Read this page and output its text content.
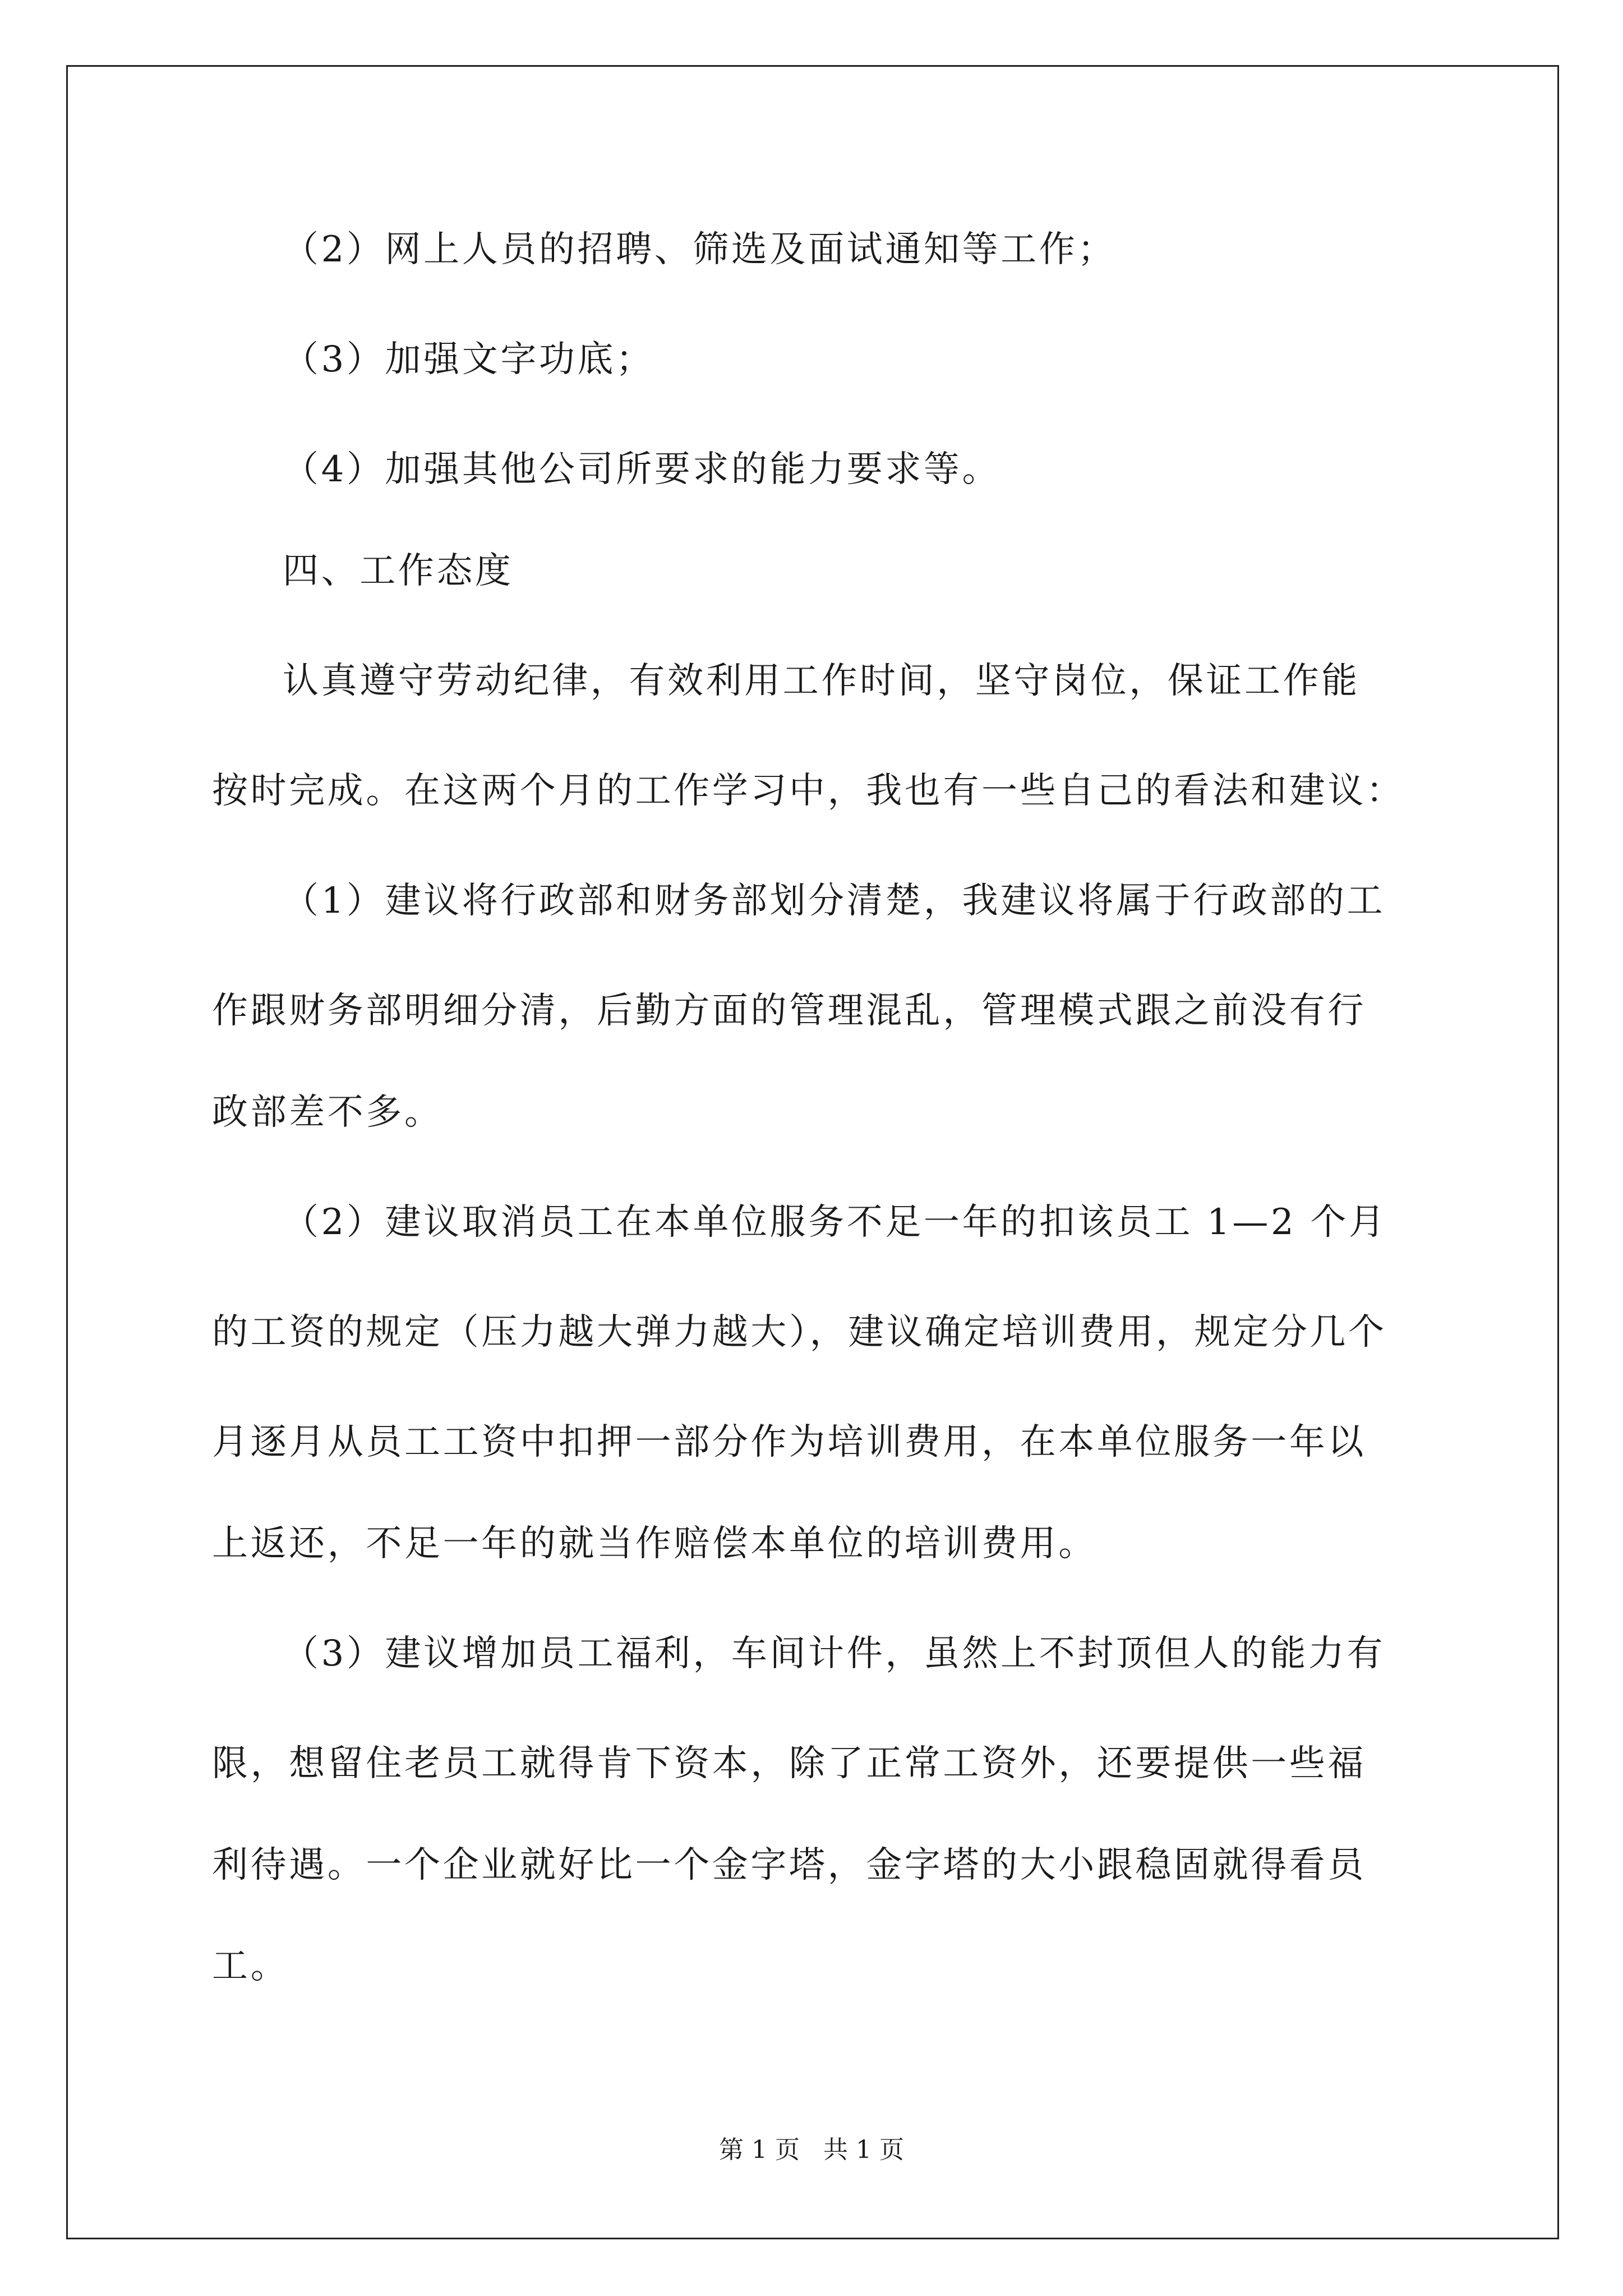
（2）网上人员的招聘、筛选及面试通知等工作；
（3）加强文字功底；
（4）加强其他公司所要求的能力要求等。
四、工作态度
认真遵守劳动纪律，有效利用工作时间，坚守岗位，保证工作能
按时完成。在这两个月的工作学习中，我也有一些自己的看法和建议：
（1）建议将行政部和财务部划分清楚，我建议将属于行政部的工
作跟财务部明细分清，后勤方面的管理混乱，管理模式跟之前没有行
政部差不多。
（2）建议取消员工在本单位服务不足一年的扣该员工 1—2 个月
的工资的规定（压力越大弹力越大），建议确定培训费用，规定分几个
月逐月从员工工资中扣押一部分作为培训费用，在本单位服务一年以
上返还，不足一年的就当作赔偿本单位的培训费用。
（3）建议增加员工福利，车间计件，虽然上不封顶但人的能力有
限，想留住老员工就得肯下资本，除了正常工资外，还要提供一些福
利待遇。一个企业就好比一个金字塔，金字塔的大小跟稳固就得看员
工。
第 1 页   共 1 页
